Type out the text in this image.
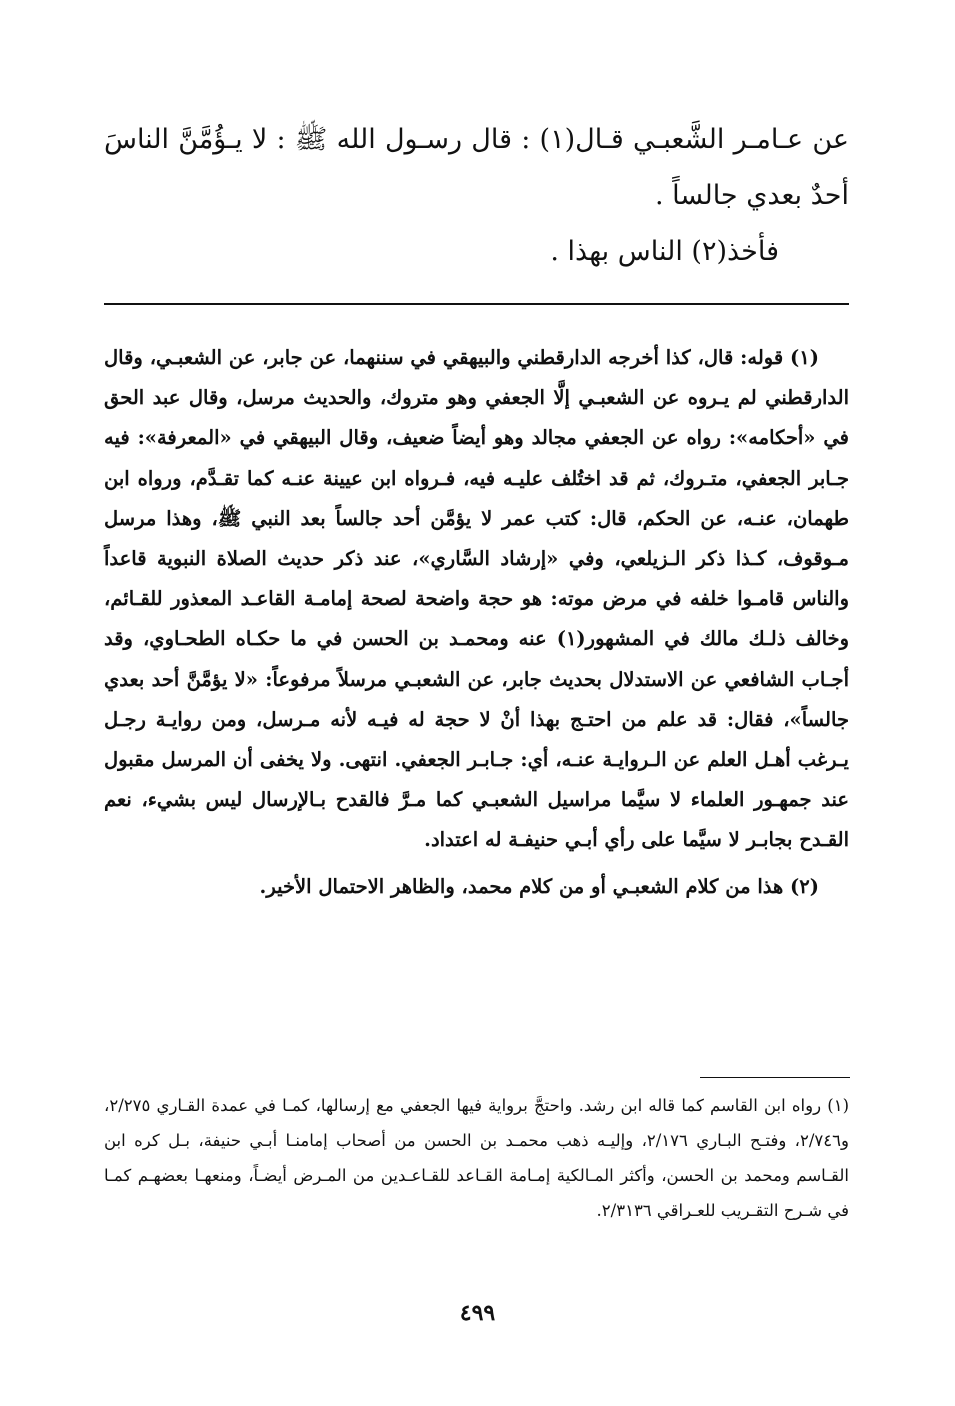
عن عـامـر الشَّعبـي قـال(١) : قال رسـول الله ﷺ : لا يـؤُمَّنَّ الناسَ أحدٌ بعدي جالساً .

فأخذ(٢) الناس بهذا .

(١) قوله: قال، كذا أخرجه الدارقطني والبيهقي في سننهما، عن جابر، عن الشعبـي، وقال الدارقطني لم يـروه عن الشعبـي إلَّا الجعفي وهو متروك، والحديث مرسل، وقال عبد الحق في «أحكامه»: رواه عن الجعفي مجالد وهو أيضاً ضعيف، وقال البيهقي في «المعرفة»: فيه جـابر الجعفي، متـروك، ثم قد اختُلف عليـه فيه، فـرواه ابن عيينة عنـه كما تقـدَّم، ورواه ابن طهمان، عنـه، عن الحكم، قال: كتب عمر لا يؤمَّن أحد جالساً بعد النبي ﷺ، وهذا مرسل مـوقوف، كـذا ذكر الـزيلعي، وفي «إرشاد السَّاري»، عند ذكر حديث الصلاة النبوية قاعداً والناس قامـوا خلفه في مرض موته: هو حجة واضحة لصحة إمامـة القاعـد المعذور للقـائم، وخالف ذلـك مالك في المشهور(١) عنه ومحمـد بن الحسن في ما حكـاه الطحـاوي، وقد أجـاب الشافعي عن الاستدلال بحديث جابر، عن الشعبـي مرسلاً مرفوعاً: «لا يؤمَّنَّ أحد بعدي جالساً»، فقال: قد علم من احتـج بهذا أنْ لا حجة له فيـه لأنه مـرسل، ومن روايـة رجـل يـرغب أهـل العلم عن الـروايـة عنـه، أي: جـابـر الجعفي. انتهى. ولا يخفى أن المرسل مقبول عند جمهـور العلماء لا سيَّما مراسيل الشعبـي كما مـرَّ فالقدح بـالإرسال ليس بشيء، نعم القـدح بجابـر لا سيَّما على رأي أبـي حنيفـة له اعتداد.

(٢) هذا من كلام الشعبـي أو من كلام محمد، والظاهر الاحتمال الأخير.

(١) رواه ابن القاسم كما قاله ابن رشد. واحتجَّ برواية فيها الجعفي مع إرسالها، كمـا في عمدة القـاري ٢/٢٧٥، و٢/٧٤٦، وفتـح البـاري ٢/١٧٦، وإليـه ذهب محمـد بن الحسن من أصحاب إمامنـا أبـي حنيفة، بـل كره ابن القـاسم ومحمد بن الحسن، وأكثر المـالكية إمـامة القـاعد للقـاعـدين من المـرض أيضـاً، ومنعهـا بعضهـم كمـا في شـرح التقـريب للعـراقي ٢/٣١٣٦.

٤٩٩
